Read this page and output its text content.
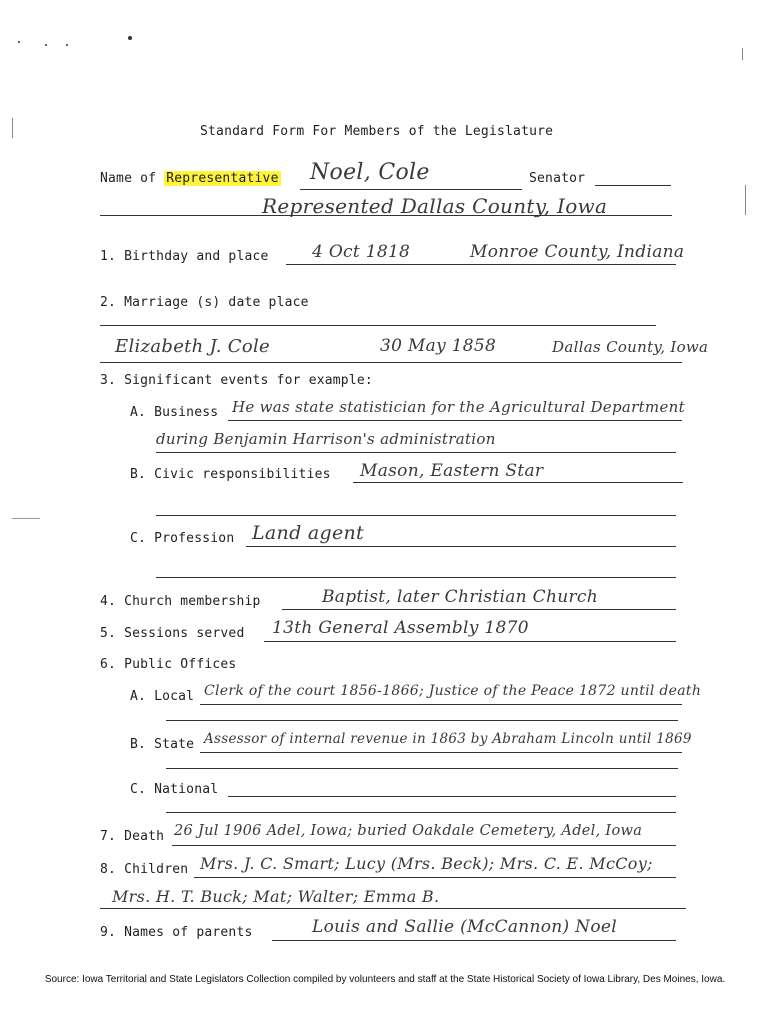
Standard Form For Members of the Legislature
Name of Representative Noel, Cole	Senator
Represented Dallas County, Iowa
1. Birthday and place	4 Oct 1818	Monroe County, Indiana
2. Marriage (s) date place
Elizabeth J. Cole	30 May 1858	Dallas County, Iowa
3. Significant events for example:
A. Business He was state statistician for the Agricultural Department
during Benjamin Harrison's administration
B. Civic responsibilities Mason, Eastern Star
C. Profession Land agent
4. Church membership	Baptist, later Christian Church
5. Sessions served 13th General Assembly 1870
6. Public Offices
A. Local Clerk of the court 1856-1866; Justice of the Peace 1872 until death
B. State Assessor of internal revenue in 1863 by Abraham Lincoln until 1869
C. National
7. Death 26 Jul 1906 Adel, Iowa; buried Oakdale Cemetery, Adel, Iowa
8. Children Mrs. J. C. Smart; Lucy (Mrs. Beck); Mrs. C. E. McCoy;
Mrs. H. T. Buck; Mat; Walter; Emma B.
9. Names of parents	Louis and Sallie (McCannon) Noel
Source: Iowa Territorial and State Legislators Collection compiled by volunteers and staff at the State Historical Society of Iowa Library, Des Moines, Iowa.
